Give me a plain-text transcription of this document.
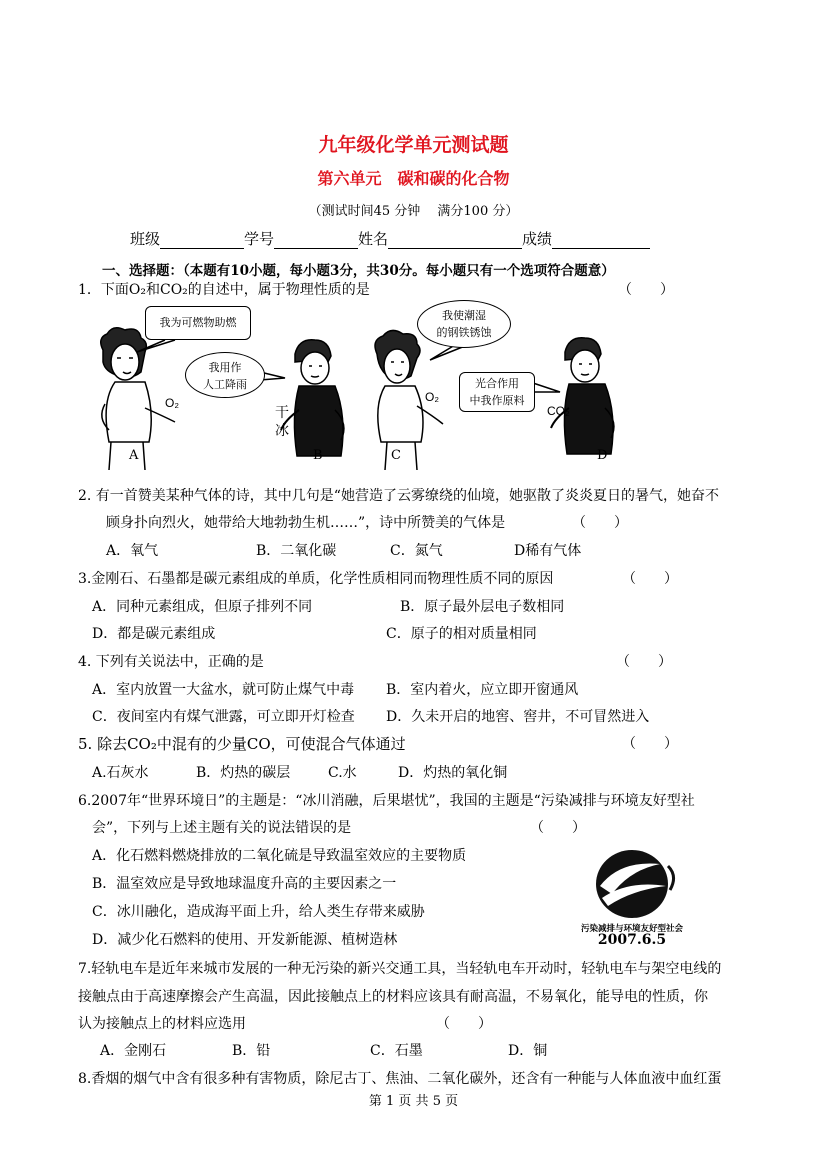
九年级化学单元测试题
第六单元　碳和碳的化合物
（测试时间45 分钟　 满分100 分）
班级	学号	姓名	成绩
一、选择题：（本题有10小题，每小题3分，共30分。每小题只有一个选项符合题意）
1．下面O₂和CO₂的自述中，属于物理性质的是	（　　）
我为可燃物助燃
我用作
人工降雨
我使潮湿
的钢铁锈蚀
光合作用
中我作原料
O₂
干
冰
O₂
CO₂
A	B	C	D
2. 有一首赞美某种气体的诗，其中几句是“她营造了云雾缭绕的仙境，她驱散了炎炎夏日的暑气，她奋不
顾身扑向烈火，她带给大地勃勃生机……”，诗中所赞美的气体是	（　　）
A．氧气	B．二氧化碳	C．氮气	D稀有气体
3.金刚石、石墨都是碳元素组成的单质，化学性质相同而物理性质不同的原因	（　　）
A．同种元素组成，但原子排列不同	B．原子最外层电子数相同
D．都是碳元素组成	C．原子的相对质量相同
4. 下列有关说法中，正确的是	（　　）
A．室内放置一大盆水，就可防止煤气中毒 B．室内着火，应立即开窗通风
C．夜间室内有煤气泄露，可立即开灯检查 D．久未开启的地窖、窖井，不可冒然进入
5. 除去CO₂中混有的少量CO，可使混合气体通过	（　　）
A.石灰水	B．灼热的碳层	C.水	D．灼热的氧化铜
6.2007年“世界环境日”的主题是：“冰川消融，后果堪忧”，我国的主题是“污染减排与环境友好型社
会”，下列与上述主题有关的说法错误的是	（　　）
A．化石燃料燃烧排放的二氧化硫是导致温室效应的主要物质
B．温室效应是导致地球温度升高的主要因素之一
C．冰川融化，造成海平面上升，给人类生存带来威胁
D．减少化石燃料的使用、开发新能源、植树造林
污染减排与环境友好型社会
2007.6.5
7.轻轨电车是近年来城市发展的一种无污染的新兴交通工具，当轻轨电车开动时，轻轨电车与架空电线的
接触点由于高速摩擦会产生高温，因此接触点上的材料应该具有耐高温，不易氧化，能导电的性质，你
认为接触点上的材料应选用	（　　）
A．金刚石	B．铅	C．石墨	D．铜
8.香烟的烟气中含有很多种有害物质，除尼古丁、焦油、二氧化碳外，还含有一种能与人体血液中血红蛋
第 1 页 共 5 页
